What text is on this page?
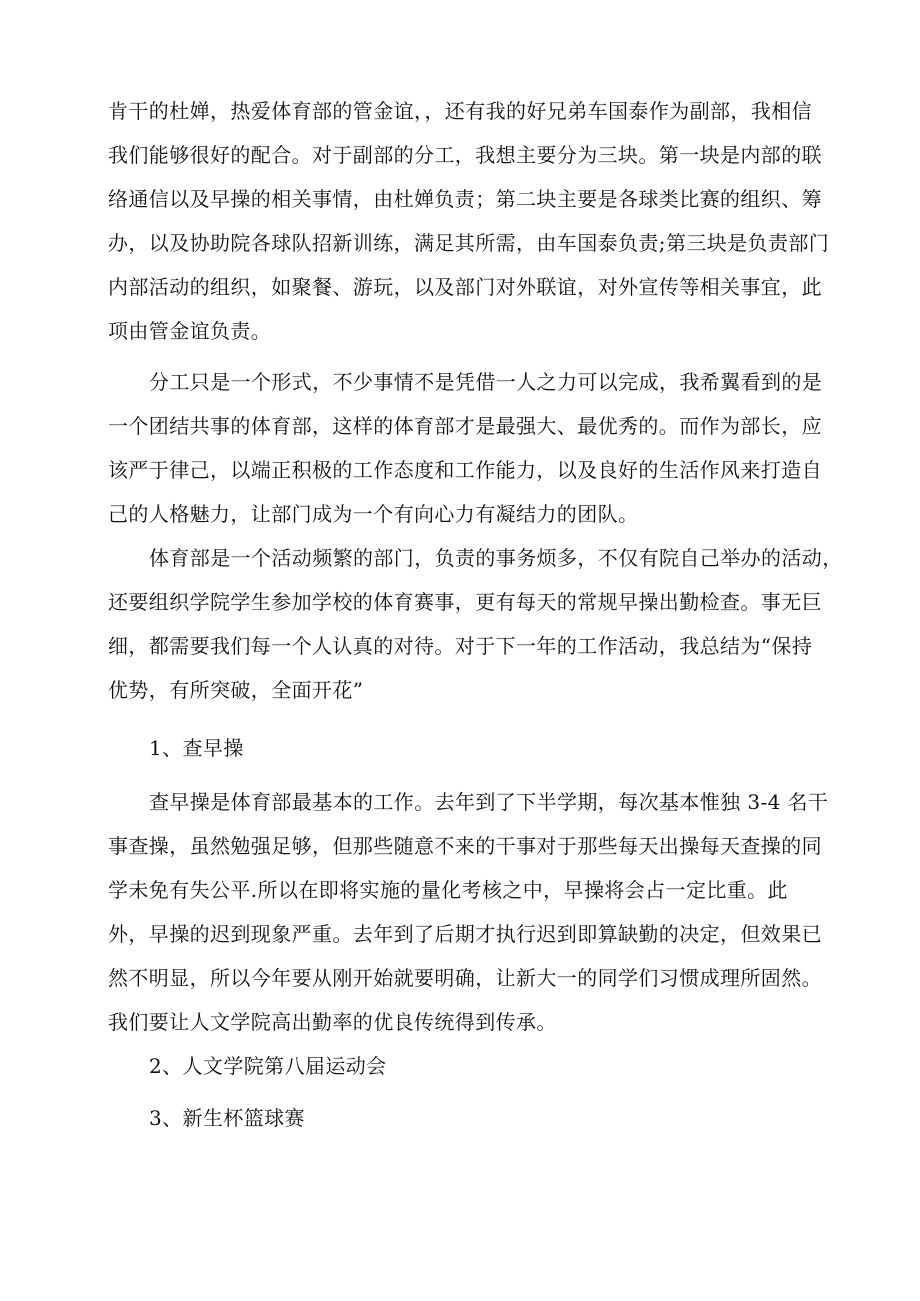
肯干的杜婵，热爱体育部的管金谊，，还有我的好兄弟车国泰作为副部，我相信
我们能够很好的配合。对于副部的分工，我想主要分为三块。第一块是内部的联
络通信以及早操的相关事情，由杜婵负责；第二块主要是各球类比赛的组织、筹
办，以及协助院各球队招新训练，满足其所需，由车国泰负责;第三块是负责部门
内部活动的组织，如聚餐、游玩，以及部门对外联谊，对外宣传等相关事宜，此
项由管金谊负责。
分工只是一个形式，不少事情不是凭借一人之力可以完成，我希翼看到的是
一个团结共事的体育部，这样的体育部才是最强大、最优秀的。而作为部长，应
该严于律己，以端正积极的工作态度和工作能力，以及良好的生活作风来打造自
己的人格魅力，让部门成为一个有向心力有凝结力的团队。
体育部是一个活动频繁的部门，负责的事务烦多，不仅有院自己举办的活动，
还要组织学院学生参加学校的体育赛事，更有每天的常规早操出勤检查。事无巨
细，都需要我们每一个人认真的对待。对于下一年的工作活动，我总结为“保持
优势，有所突破，全面开花”
1、查早操
查早操是体育部最基本的工作。去年到了下半学期，每次基本惟独 3-4 名干
事查操，虽然勉强足够，但那些随意不来的干事对于那些每天出操每天查操的同
学未免有失公平.所以在即将实施的量化考核之中，早操将会占一定比重。此
外，早操的迟到现象严重。去年到了后期才执行迟到即算缺勤的决定，但效果已
然不明显，所以今年要从刚开始就要明确，让新大一的同学们习惯成理所固然。
我们要让人文学院高出勤率的优良传统得到传承。
2、人文学院第八届运动会
3、新生杯篮球赛
